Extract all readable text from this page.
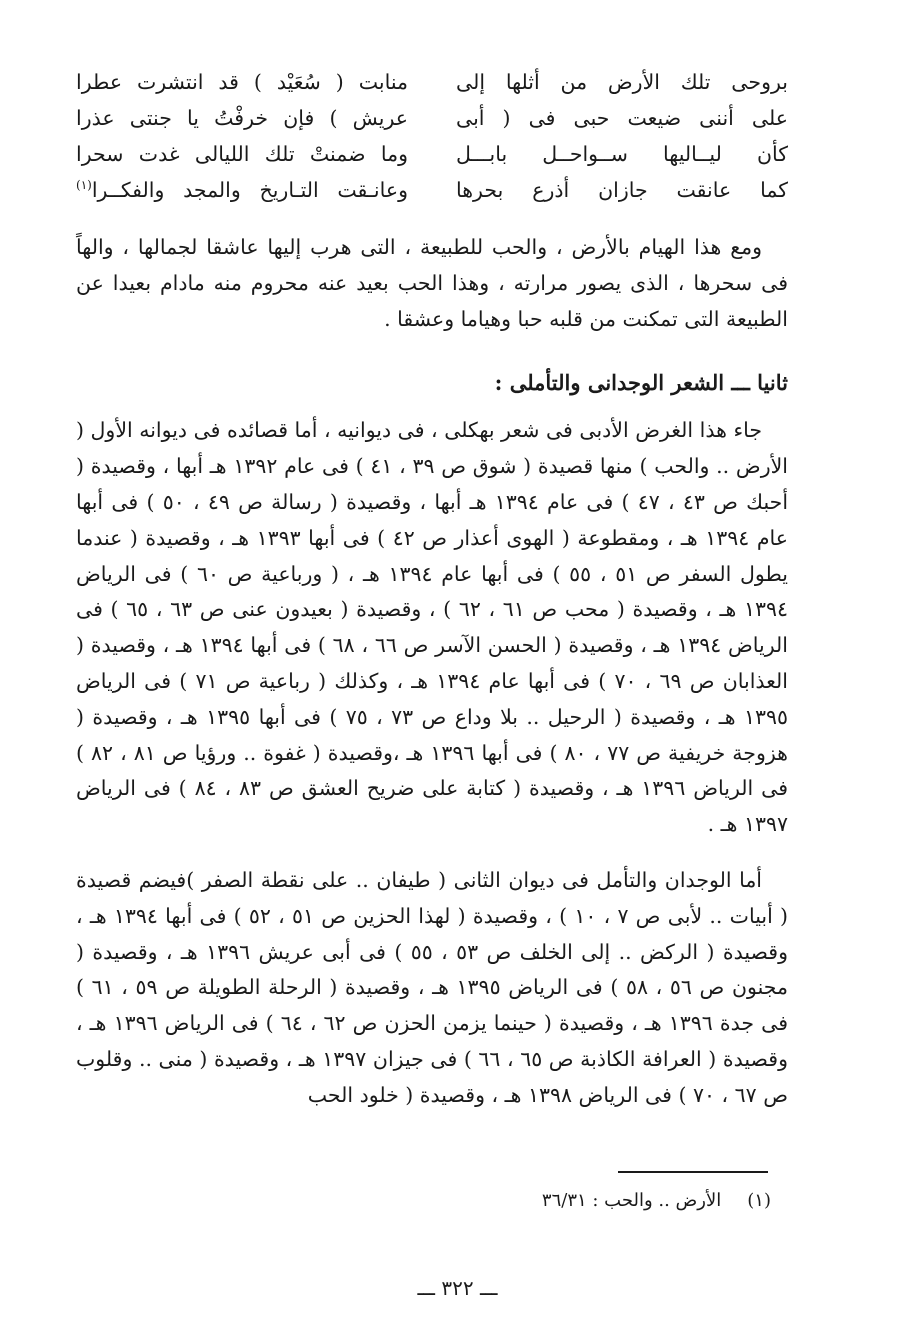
بروحى تلك الأرض من أثلها إلى
منابت ( سُعَيْد ) قد انتشرت عطرا
على أننى ضيعت حبى فى ( أبى
عريش ) فإن خرفْتُ يا جنتى عذرا
كأن ليــاليها ســواحــل بابـــل
وما ضمنتْ تلك الليالى غدت سحرا
كما عانقت جازان أذرع بحرها
وعانـقت التـاريخ والمجد والفكــرا$^{(١)}$

ومع هذا الهيام بالأرض ، والحب للطبيعة ، التى هرب إليها عاشقا لجمالها ، والهاً فى سحرها ، الذى يصور مرارته ، وهذا الحب بعيد عنه محروم منه مادام بعيدا عن الطبيعة التى تمكنت من قلبه حبا وهياما وعشقا .

ثانيا ـــ الشعر الوجدانى والتأملى :

جاء هذا الغرض الأدبى فى شعر بهكلى ، فى ديوانيه ، أما قصائده فى ديوانه الأول ( الأرض .. والحب ) منها قصيدة ( شوق ص ٣٩ ، ٤١ ) فى عام ١٣٩٢ هـ أبها ، وقصيدة ( أحبك ص ٤٣ ، ٤٧ ) فى عام ١٣٩٤ هـ أبها ، وقصيدة ( رسالة ص ٤٩ ، ٥٠ ) فى أبها عام ١٣٩٤ هـ ، ومقطوعة ( الهوى أعذار ص ٤٢ ) فى أبها ١٣٩٣ هـ ، وقصيدة ( عندما يطول السفر ص ٥١ ، ٥٥ ) فى أبها عام ١٣٩٤ هـ ، ( ورباعية ص ٦٠ ) فى الرياض ١٣٩٤ هـ ، وقصيدة ( محب ص ٦١ ، ٦٢ ) ، وقصيدة ( بعيدون عنى ص ٦٣ ، ٦٥ ) فى الرياض ١٣٩٤ هـ ، وقصيدة ( الحسن الآسر ص ٦٦ ، ٦٨ ) فى أبها ١٣٩٤ هـ ، وقصيدة ( العذابان ص ٦٩ ، ٧٠ ) فى أبها عام ١٣٩٤ هـ ، وكذلك ( رباعية ص ٧١ ) فى الرياض ١٣٩٥ هـ ، وقصيدة ( الرحيل .. بلا وداع ص ٧٣ ، ٧٥ ) فى أبها ١٣٩٥ هـ ، وقصيدة ( هزوجة خريفية ص ٧٧ ، ٨٠ ) فى أبها ١٣٩٦ هـ ،وقصيدة ( غفوة .. ورؤيا ص ٨١ ، ٨٢ ) فى الرياض ١٣٩٦ هـ ، وقصيدة ( كتابة على ضريح العشق ص ٨٣ ، ٨٤ ) فى الرياض ١٣٩٧ هـ .

أما الوجدان والتأمل فى ديوان الثانى ( طيفان .. على نقطة الصفر )فيضم قصيدة ( أبيات .. لأبى ص ٧ ، ١٠ ) ، وقصيدة ( لهذا الحزين ص ٥١ ، ٥٢ ) فى أبها ١٣٩٤ هـ ، وقصيدة ( الركض .. إلى الخلف ص ٥٣ ، ٥٥ ) فى أبى عريش ١٣٩٦ هـ ، وقصيدة ( مجنون ص ٥٦ ، ٥٨ ) فى الرياض ١٣٩٥ هـ ، وقصيدة ( الرحلة الطويلة ص ٥٩ ، ٦١ ) فى جدة ١٣٩٦ هـ ، وقصيدة ( حينما يزمن الحزن ص ٦٢ ، ٦٤ ) فى الرياض ١٣٩٦ هـ ، وقصيدة ( العرافة الكاذبة ص ٦٥ ، ٦٦ ) فى جيزان ١٣٩٧ هـ ، وقصيدة ( منى .. وقلوب ص ٦٧ ، ٧٠ ) فى الرياض ١٣٩٨ هـ ، وقصيدة ( خلود الحب

(١)الأرض .. والحب : ٣٦/٣١
ـــ ٣٢٢ ـــ
